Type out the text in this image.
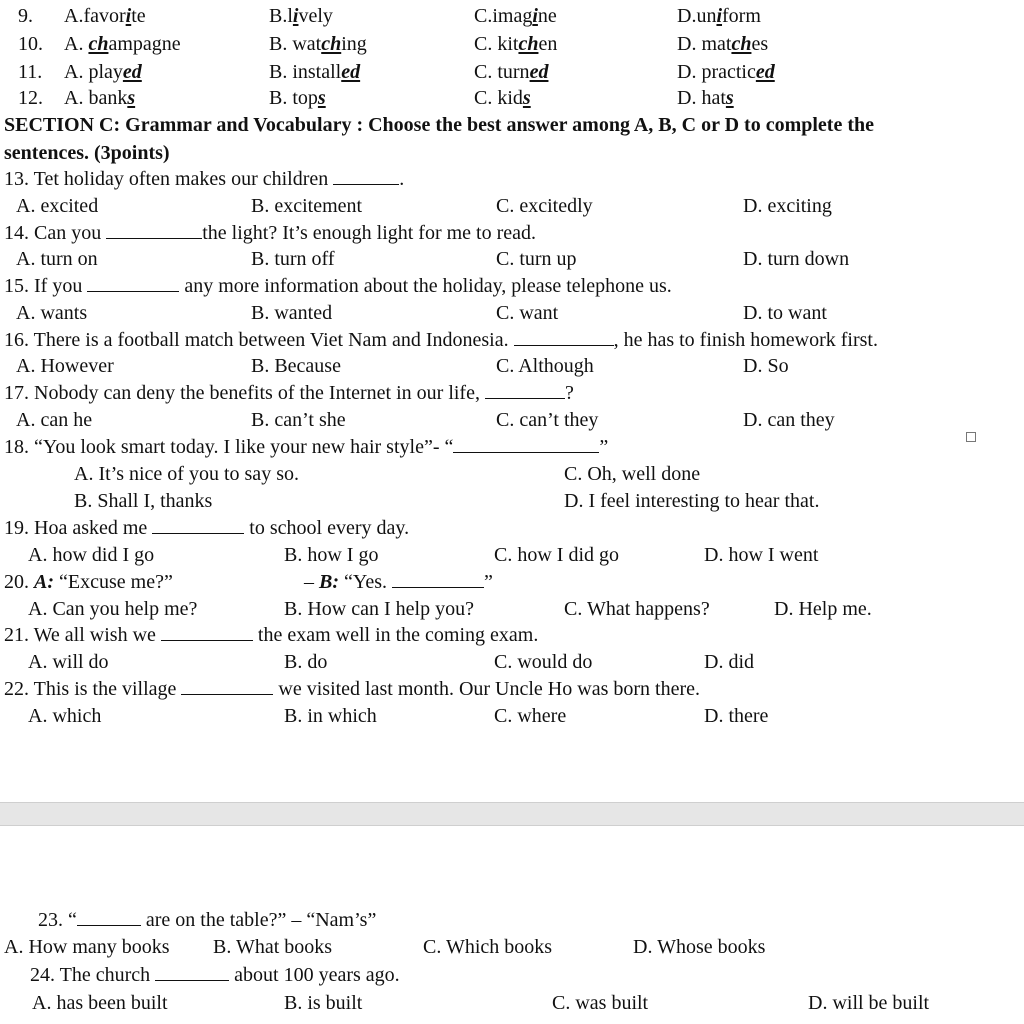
9. A.favorite	B.lively	C.imagine	D.uniform
10. A. champagne	B. watching	C. kitchen	D. matches
11. A. played	B. installed	C. turned	D. practiced
12. A. banks	B. tops	C. kids	D. hats
SECTION C: Grammar and Vocabulary : Choose the best answer among A, B, C or D to complete the
sentences. (3points)
13. Tet holiday often makes our children	.
A. excited	B. excitement	C. excitedly	D. exciting
14. Can you	the light? It’s enough light for me to read.
A. turn on	B. turn off	C. turn up	D. turn down
15. If you	any more information about the holiday, please telephone us.
A. wants	B. wanted	C. want	D. to want
16. There is a football match between Viet Nam and Indonesia.	, he has to finish homework first.
A. However	B. Because	C. Although	D. So
17. Nobody can deny the benefits of the Internet in our life,	?
A. can he	B. can’t she	C. can’t they	D. can they
18. “You look smart today. I like your new hair style”- “	”
A. It’s nice of you to say so.	C. Oh, well done
B. Shall I, thanks	D. I feel interesting to hear that.
19. Hoa asked me	to school every day.
A. how did I go	B. how I go	C. how I did go	D. how I went
20. A: “Excuse me?”	– B: “Yes.	”
A. Can you help me?	B. How can I help you?	C. What happens?	D. Help me.
21. We all wish we	the exam well in the coming exam.
A. will do	B. do	C. would do	D. did
22. This is the village	we visited last month. Our Uncle Ho was born there.
A. which	B. in which	C. where	D. there
23. “	are on the table?” – “Nam’s”
A. How many books B. What books	C. Which books	D. Whose books
24. The church	about 100 years ago.
A. has been built	B. is built	C. was built	D. will be built
